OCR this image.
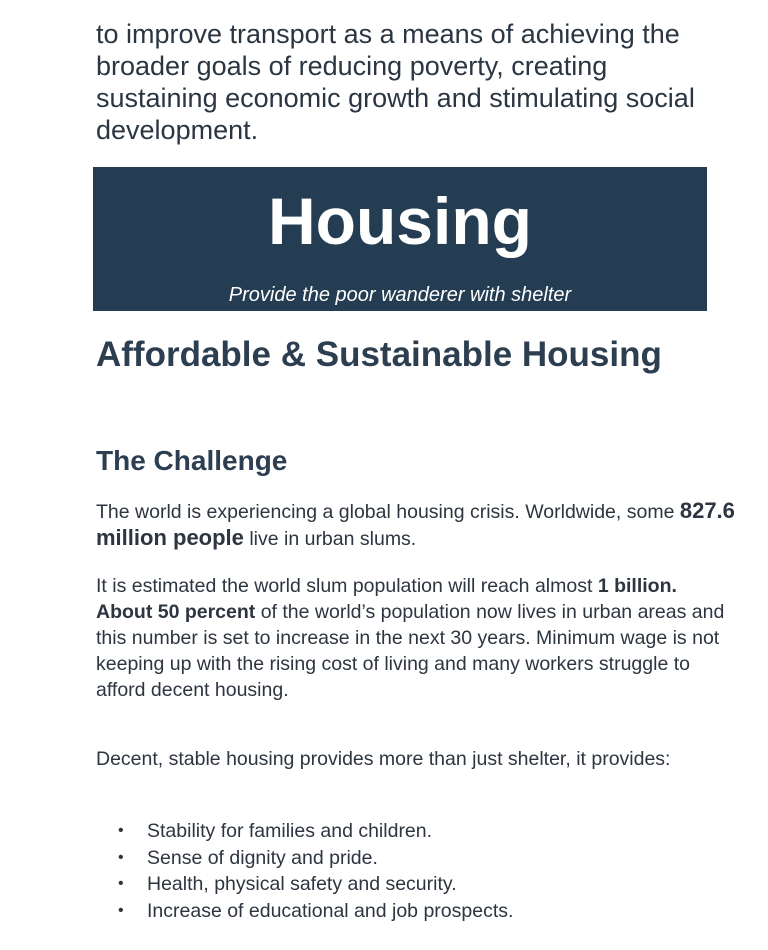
to improve transport as a means of achieving the broader goals of reducing poverty, creating sustaining economic growth and stimulating social development.

Housing

Provide the poor wanderer with shelter

Affordable & Sustainable Housing
The Challenge

The world is experiencing a global housing crisis. Worldwide, some 827.6 million people live in urban slums.

It is estimated the world slum population will reach almost 1 billion. About 50 percent of the world’s population now lives in urban areas and this number is set to increase in the next 30 years. Minimum wage is not keeping up with the rising cost of living and many workers struggle to afford decent housing.

Decent, stable housing provides more than just shelter, it provides:

• Stability for families and children.
• Sense of dignity and pride.
• Health, physical safety and security.
• Increase of educational and job prospects.
